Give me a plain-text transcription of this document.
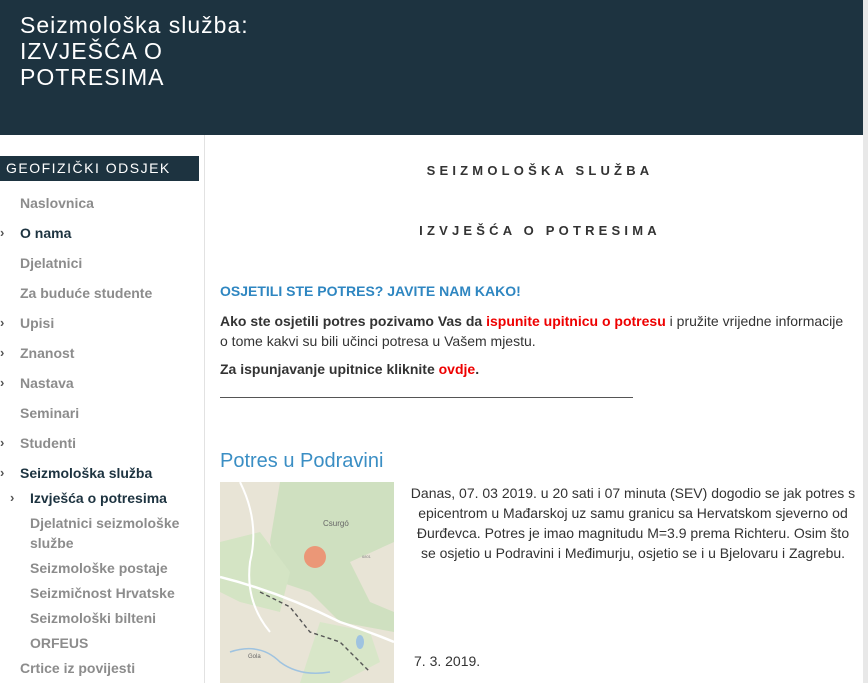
Seizmološka služba: IZVJEŠĆA O POTRESIMA
GEOFIZIČKI ODSJEK
Naslovnica
› O nama
Djelatnici
Za buduće studente
› Upisi
› Znanost
› Nastava
Seminari
› Studenti
› Seizmološka služba
› Izvješća o potresima
Djelatnici seizmološke službe
Seizmološke postaje
Seizmičnost Hrvatske
Seizmološki bilteni
ORFEUS
Crtice iz povijesti
SEIZMOLOŠKA SLUŽBA
IZVJEŠĆA O POTRESIMA
OSJETILI STE POTRES? JAVITE NAM KAKO!
Ako ste osjetili potres pozivamo Vas da ispunite upitnicu o potresu i pružite vrijedne informacije o tome kakvi su bili učinci potresa u Vašem mjestu.
Za ispunjavanje upitnice kliknite ovdje.
Potres u Podravini
Csurgó
Gola
6801
Danas, 07. 03 2019. u 20 sati i 07 minuta (SEV) dogodio se jak potres s epicentrom u Mađarskoj uz samu granicu sa Hervatskom sjeverno od Đurđevca. Potres je imao magnitudu M=3.9 prema Richteru. Osim što se osjetio u Podravini i Međimurju, osjetio se i u Bjelovaru i Zagrebu.
7. 3. 2019.
